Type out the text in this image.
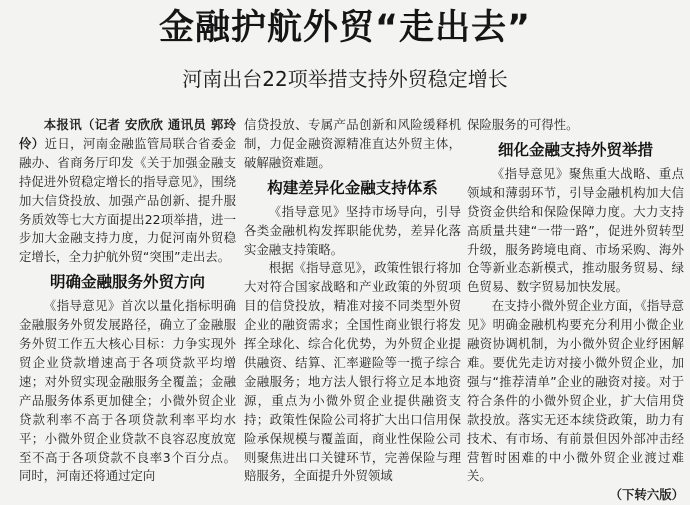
金融护航外贸“走出去”
河南出台22项举措支持外贸稳定增长

本报讯（记者 安欣欣 通讯员 郭玲伶）近日，河南金融监管局联合省委金融办、省商务厅印发《关于加强金融支持促进外贸稳定增长的指导意见》，围绕加大信贷投放、加强产品创新、提升服务质效等七大方面提出22项举措，进一步加大金融支持力度，力促河南外贸稳定增长，全力护航外贸“突围”走出去。

明确金融服务外贸方向

《指导意见》首次以量化指标明确金融服务外贸发展路径，确立了金融服务外贸工作五大核心目标：力争实现外贸企业贷款增速高于各项贷款平均增速；对外贸实现金融服务全覆盖；金融产品服务体系更加健全；小微外贸企业贷款利率不高于各项贷款利率平均水平；小微外贸企业贷款不良容忍度放宽至不高于各项贷款不良率3个百分点。同时，河南还将通过定向

信贷投放、专属产品创新和风险缓释机制，力促金融资源精准直达外贸主体，破解融资难题。

构建差异化金融支持体系

《指导意见》坚持市场导向，引导各类金融机构发挥职能优势，差异化落实金融支持策略。

根据《指导意见》，政策性银行将加大对符合国家战略和产业政策的外贸项目的信贷投放，精准对接不同类型外贸企业的融资需求；全国性商业银行将发挥全球化、综合化优势，为外贸企业提供融资、结算、汇率避险等一揽子综合金融服务；地方法人银行将立足本地资源，重点为小微外贸企业提供融资支持；政策性保险公司将扩大出口信用保险承保规模与覆盖面，商业性保险公司则聚焦进出口关键环节，完善保险与理赔服务，全面提升外贸领域

保险服务的可得性。

细化金融支持外贸举措

《指导意见》聚焦重大战略、重点领域和薄弱环节，引导金融机构加大信贷资金供给和保险保障力度。大力支持高质量共建“一带一路”，促进外贸转型升级，服务跨境电商、市场采购、海外仓等新业态新模式，推动服务贸易、绿色贸易、数字贸易加快发展。

在支持小微外贸企业方面，《指导意见》明确金融机构要充分利用小微企业融资协调机制，为小微外贸企业纾困解难。要优先走访对接小微外贸企业，加强与“推荐清单”企业的融资对接。对于符合条件的小微外贸企业，扩大信用贷款投放。落实无还本续贷政策，助力有技术、有市场、有前景但因外部冲击经营暂时困难的中小微外贸企业渡过难关。

（下转六版）
